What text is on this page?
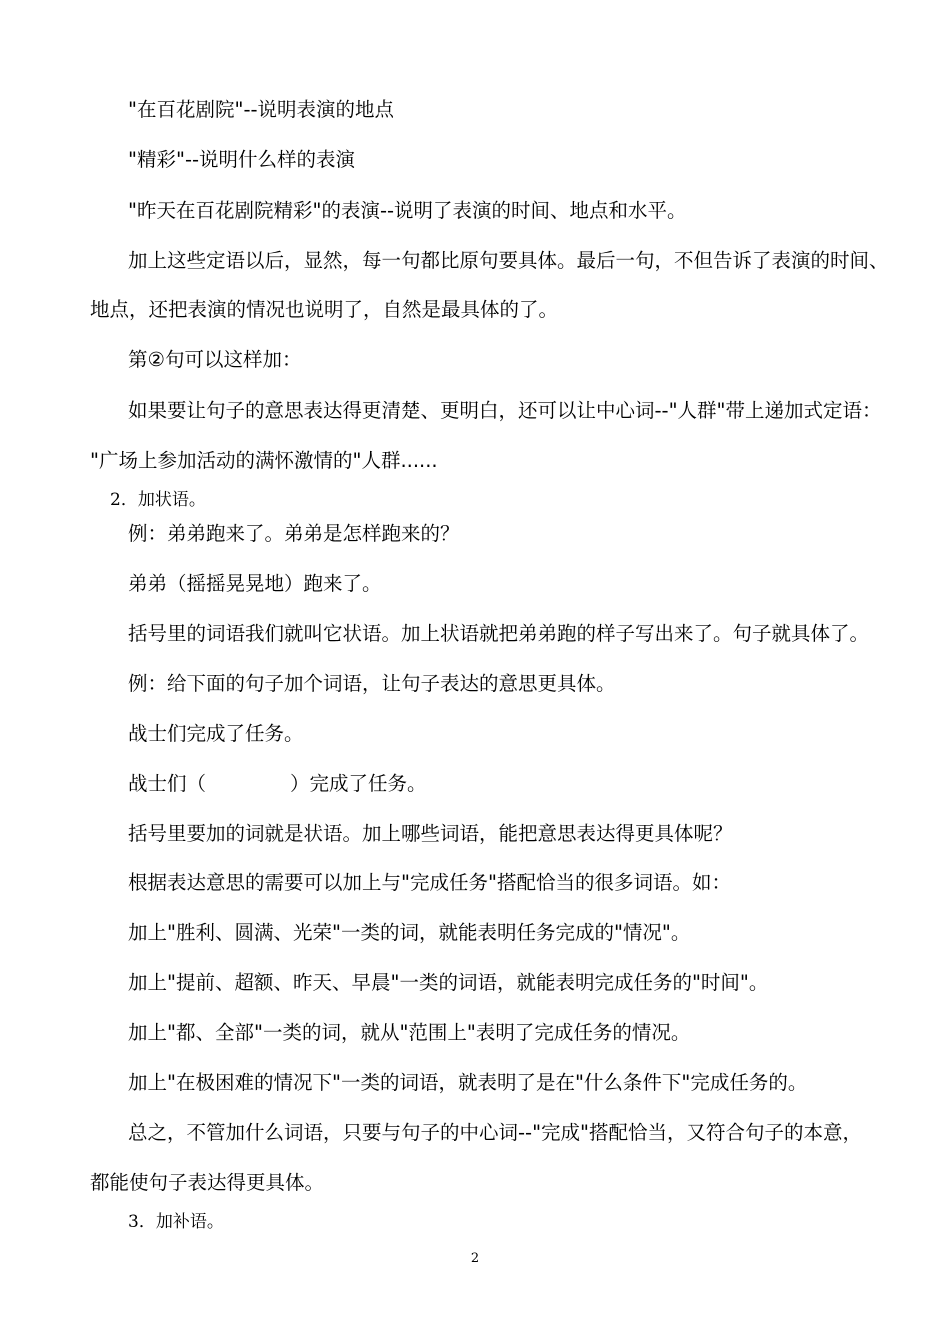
"在百花剧院"--说明表演的地点
"精彩"--说明什么样的表演
"昨天在百花剧院精彩"的表演--说明了表演的时间、地点和水平。
加上这些定语以后，显然，每一句都比原句要具体。最后一句，不但告诉了表演的时间、
地点，还把表演的情况也说明了，自然是最具体的了。
第②句可以这样加：
如果要让句子的意思表达得更清楚、更明白，还可以让中心词--"人群"带上递加式定语：
"广场上参加活动的满怀激情的"人群......
2．加状语。
例：弟弟跑来了。弟弟是怎样跑来的？
弟弟（摇摇晃晃地）跑来了。
括号里的词语我们就叫它状语。加上状语就把弟弟跑的样子写出来了。句子就具体了。
例：给下面的句子加个词语，让句子表达的意思更具体。
战士们完成了任务。
战士们（	）完成了任务。
括号里要加的词就是状语。加上哪些词语，能把意思表达得更具体呢？
根据表达意思的需要可以加上与"完成任务"搭配恰当的很多词语。如：
加上"胜利、圆满、光荣"一类的词，就能表明任务完成的"情况"。
加上"提前、超额、昨天、早晨"一类的词语，就能表明完成任务的"时间"。
加上"都、全部"一类的词，就从"范围上"表明了完成任务的情况。
加上"在极困难的情况下"一类的词语，就表明了是在"什么条件下"完成任务的。
总之，不管加什么词语，只要与句子的中心词--"完成"搭配恰当，又符合句子的本意，
都能使句子表达得更具体。
3．加补语。
2
